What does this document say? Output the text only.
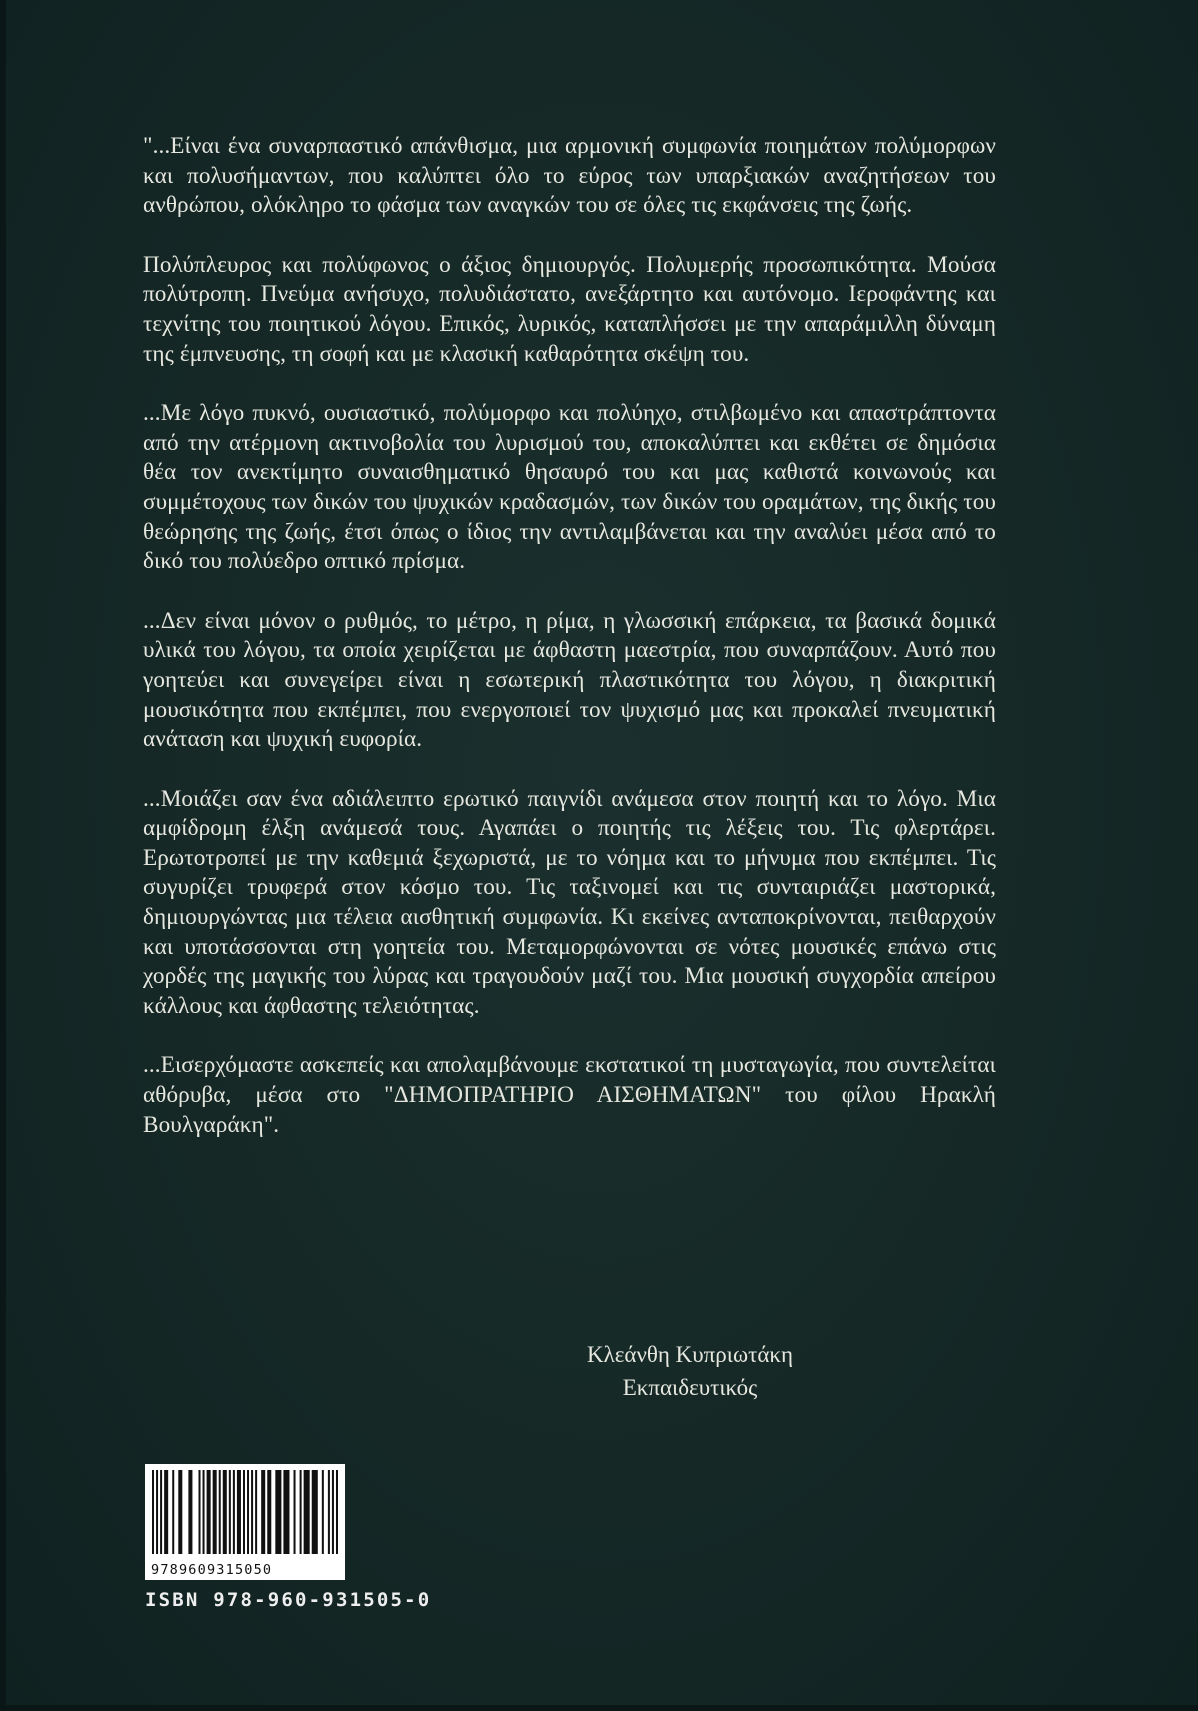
"...Είναι ένα συναρπαστικό απάνθισμα, μια αρμονική συμφωνία ποιημάτων πολύμορφων και πολυσήμαντων, που καλύπτει όλο το εύρος των υπαρξιακών αναζητήσεων του ανθρώπου, ολόκληρο το φάσμα των αναγκών του σε όλες τις εκφάνσεις της ζωής.

Πολύπλευρος και πολύφωνος ο άξιος δημιουργός. Πολυμερής προσωπικότητα. Μούσα πολύτροπη. Πνεύμα ανήσυχο, πολυδιάστατο, ανεξάρτητο και αυτόνομο. Ιεροφάντης και τεχνίτης του ποιητικού λόγου. Επικός, λυρικός, καταπλήσσει με την απαράμιλλη δύναμη της έμπνευσης, τη σοφή και με κλασική καθαρότητα σκέψη του.

...Με λόγο πυκνό, ουσιαστικό, πολύμορφο και πολύηχο, στιλβωμένο και απαστράπτοντα από την ατέρμονη ακτινοβολία του λυρισμού του, αποκαλύπτει και εκθέτει σε δημόσια θέα τον ανεκτίμητο συναισθηματικό θησαυρό του και μας καθιστά κοινωνούς και συμμέτοχους των δικών του ψυχικών κραδασμών, των δικών του οραμάτων, της δικής του θεώρησης της ζωής, έτσι όπως ο ίδιος την αντιλαμβάνεται και την αναλύει μέσα από το δικό του πολύεδρο οπτικό πρίσμα.

...Δεν είναι μόνον ο ρυθμός, το μέτρο, η ρίμα, η γλωσσική επάρκεια, τα βασικά δομικά υλικά του λόγου, τα οποία χειρίζεται με άφθαστη μαεστρία, που συναρπάζουν. Αυτό που γοητεύει και συνεγείρει είναι η εσωτερική πλαστικότητα του λόγου, η διακριτική μουσικότητα που εκπέμπει, που ενεργοποιεί τον ψυχισμό μας και προκαλεί πνευματική ανάταση και ψυχική ευφορία.

...Μοιάζει σαν ένα αδιάλειπτο ερωτικό παιγνίδι ανάμεσα στον ποιητή και το λόγο. Μια αμφίδρομη έλξη ανάμεσά τους. Αγαπάει ο ποιητής τις λέξεις του. Τις φλερτάρει. Ερωτοτροπεί με την καθεμιά ξεχωριστά, με το νόημα και το μήνυμα που εκπέμπει. Τις συγυρίζει τρυφερά στον κόσμο του. Τις ταξινομεί και τις συνταιριάζει μαστορικά, δημιουργώντας μια τέλεια αισθητική συμφωνία. Κι εκείνες ανταποκρίνονται, πειθαρχούν και υποτάσσονται στη γοητεία του. Μεταμορφώνονται σε νότες μουσικές επάνω στις χορδές της μαγικής του λύρας και τραγουδούν μαζί του. Μια μουσική συγχορδία απείρου κάλλους και άφθαστης τελειότητας.

...Εισερχόμαστε ασκεπείς και απολαμβάνουμε εκστατικοί τη μυσταγωγία, που συντελείται αθόρυβα, μέσα στο "ΔΗΜΟΠΡΑΤΗΡΙΟ ΑΙΣΘΗΜΑΤΩΝ" του φίλου Ηρακλή Βουλγαράκη".

Κλεάνθη Κυπριωτάκη
Εκπαιδευτικός
9789609315050
ISBN 978-960-931505-0
